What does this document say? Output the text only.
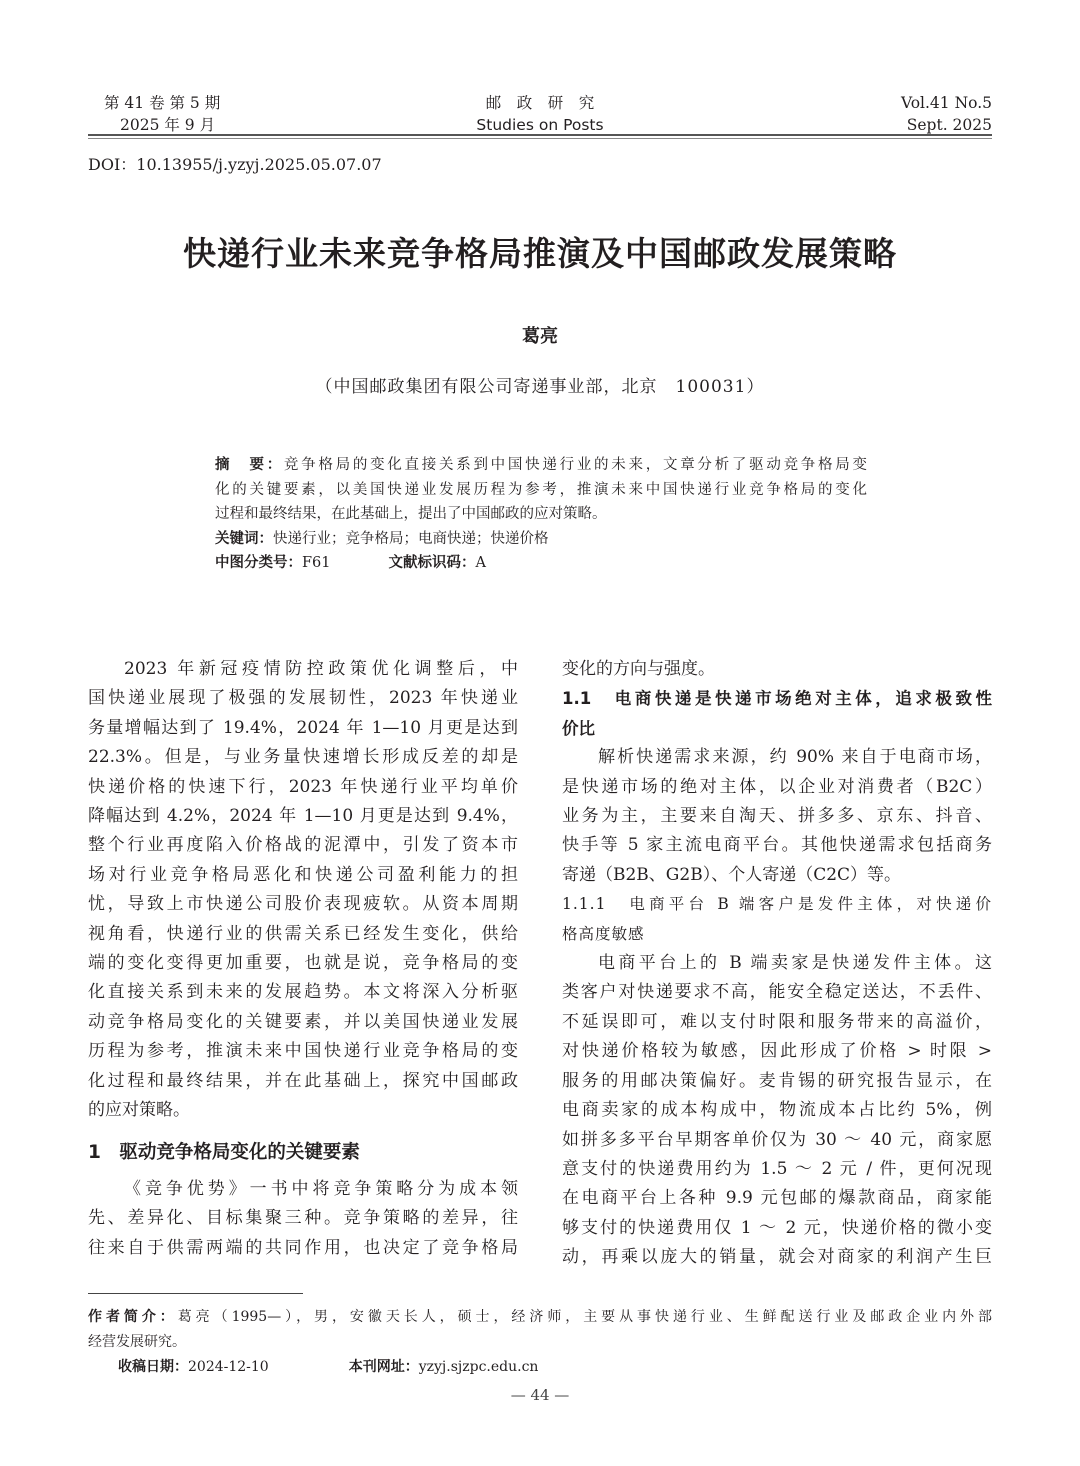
第 41 卷 第 5 期
2025 年 9 月
邮　政　研　究
Studies on Posts
Vol.41 No.5
Sept. 2025
DOI：10.13955/j.yzyj.2025.05.07.07
快递行业未来竞争格局推演及中国邮政发展策略
葛亮
（中国邮政集团有限公司寄递事业部，北京　100031）
摘　要：竞争格局的变化直接关系到中国快递行业的未来，文章分析了驱动竞争格局变
化的关键要素，以美国快递业发展历程为参考，推演未来中国快递行业竞争格局的变化
过程和最终结果，在此基础上，提出了中国邮政的应对策略。
关键词：快递行业；竞争格局；电商快递；快递价格
中图分类号：F61	文献标识码：A
2023 年新冠疫情防控政策优化调整后，中
国快递业展现了极强的发展韧性，2023 年快递业
务量增幅达到了 19.4%，2024 年 1—10 月更是达到
22.3%。但是，与业务量快速增长形成反差的却是
快递价格的快速下行，2023 年快递行业平均单价
降幅达到 4.2%，2024 年 1—10 月更是达到 9.4%，
整个行业再度陷入价格战的泥潭中，引发了资本市
场对行业竞争格局恶化和快递公司盈利能力的担
忧，导致上市快递公司股价表现疲软。从资本周期
视角看，快递行业的供需关系已经发生变化，供给
端的变化变得更加重要，也就是说，竞争格局的变
化直接关系到未来的发展趋势。本文将深入分析驱
动竞争格局变化的关键要素，并以美国快递业发展
历程为参考，推演未来中国快递行业竞争格局的变
化过程和最终结果，并在此基础上，探究中国邮政
的应对策略。
1　驱动竞争格局变化的关键要素
《竞争优势》一书中将竞争策略分为成本领
先、差异化、目标集聚三种。竞争策略的差异，往
往来自于供需两端的共同作用，也决定了竞争格局
变化的方向与强度。
1.1　电商快递是快递市场绝对主体，追求极致性
价比
解析快递需求来源，约 90% 来自于电商市场，
是快递市场的绝对主体，以企业对消费者（B2C）
业务为主，主要来自淘天、拼多多、京东、抖音、
快手等 5 家主流电商平台。其他快递需求包括商务
寄递（B2B、G2B）、个人寄递（C2C）等。
1.1.1　电商平台 B 端客户是发件主体，对快递价
格高度敏感
电商平台上的 B 端卖家是快递发件主体。这
类客户对快递要求不高，能安全稳定送达，不丢件、
不延误即可，难以支付时限和服务带来的高溢价，
对快递价格较为敏感，因此形成了价格 > 时限 >
服务的用邮决策偏好。麦肯锡的研究报告显示，在
电商卖家的成本构成中，物流成本占比约 5%，例
如拼多多平台早期客单价仅为 30 ～ 40 元，商家愿
意支付的快递费用约为 1.5 ～ 2 元 / 件，更何况现
在电商平台上各种 9.9 元包邮的爆款商品，商家能
够支付的快递费用仅 1 ～ 2 元，快递价格的微小变
动，再乘以庞大的销量，就会对商家的利润产生巨
作者简介：葛亮（1995—），男，安徽天长人，硕士，经济师，主要从事快递行业、生鲜配送行业及邮政企业内外部
经营发展研究。
收稿日期：2024-12-10	本刊网址：yzyj.sjzpc.edu.cn
— 44 —
